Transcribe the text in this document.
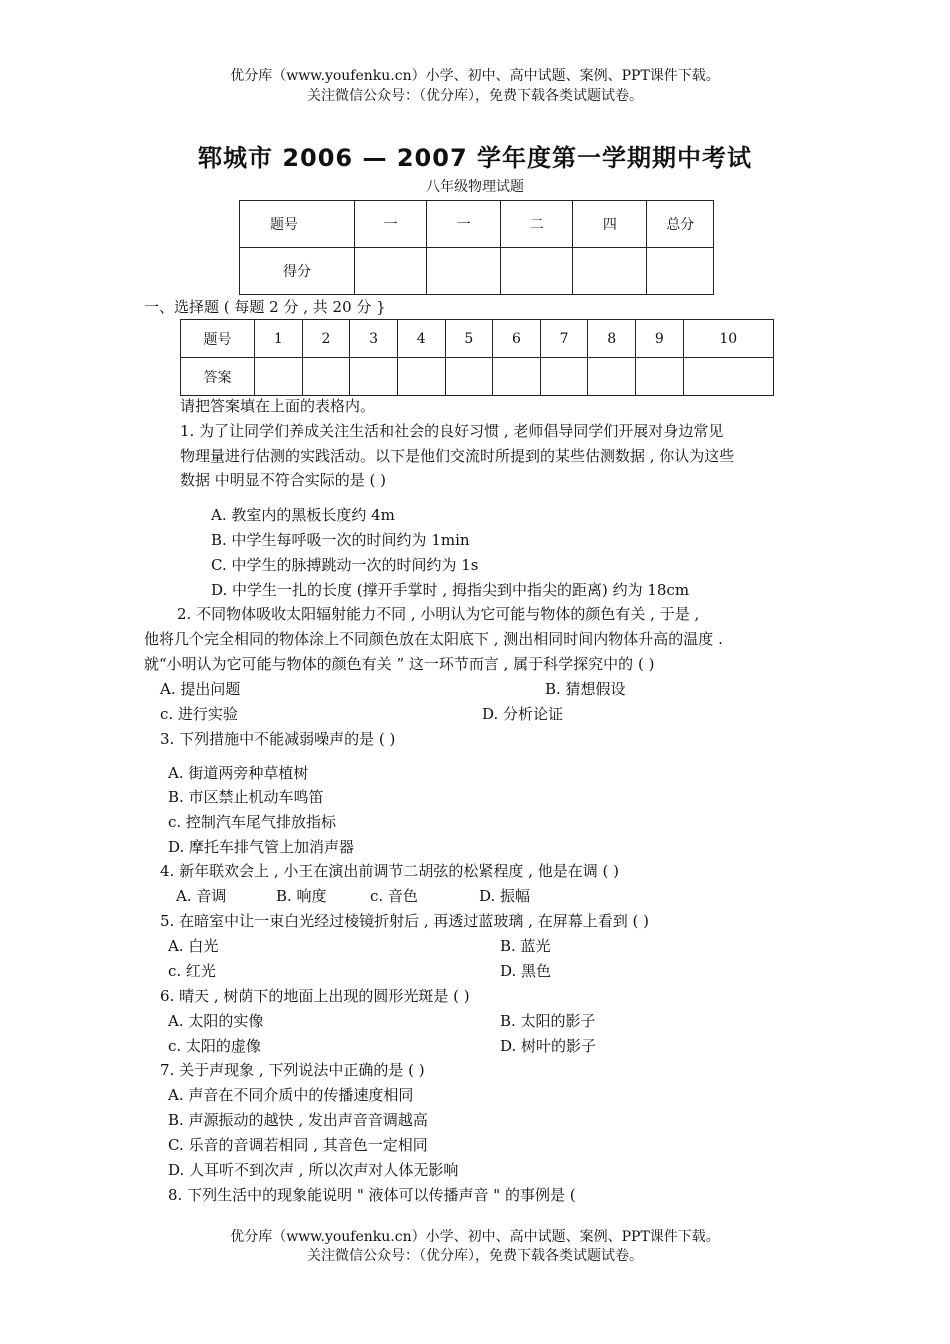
优分库（www.youfenku.cn）小学、初中、高中试题、案例、PPT课件下载。
关注微信公众号：（优分库），免费下载各类试题试卷。
郓城市 2006 — 2007 学年度第一学期期中考试
八年级物理试题
题号	一	一	二	四	总分
得分					
一、选择题 ( 每题 2 分 , 共 20 分 }
题号	1	2	3	4	5	6	7	8	9	10
答案										
请把答案填在上面的表格内。
1. 为了让同学们养成关注生活和社会的良好习惯 , 老师倡导同学们开展对身边常见
物理量进行估测的实践活动。以下是他们交流时所提到的某些估测数据 , 你认为这些
数据 中明显不符合实际的是 ( )
A. 教室内的黑板长度约 4m
B. 中学生每呼吸一次的时间约为 1min
C. 中学生的脉搏跳动一次的时间约为 1s
D. 中学生一扎的长度 (撑开手掌时 , 拇指尖到中指尖的距离) 约为 18cm
2. 不同物体吸收太阳辐射能力不同 , 小明认为它可能与物体的颜色有关 , 于是 ,
他将几个完全相同的物体涂上不同颜色放在太阳底下 , 测出相同时间内物体升高的温度 .
就“小明认为它可能与物体的颜色有关 ” 这一环节而言 , 属于科学探究中的 ( )
A. 提出问题	B. 猜想假设
c. 进行实验	D. 分析论证
3. 下列措施中不能减弱噪声的是 ( )
A. 街道两旁种草植树
B. 市区禁止机动车鸣笛
c. 控制汽车尾气排放指标
D. 摩托车排气管上加消声器
4. 新年联欢会上 , 小王在演出前调节二胡弦的松紧程度 , 他是在调 ( )
A. 音调	B. 响度	c. 音色	D. 振幅
5. 在暗室中让一束白光经过棱镜折射后 , 再透过蓝玻璃 , 在屏幕上看到 ( )
A. 白光	B. 蓝光
c. 红光	D. 黑色
6. 晴天 , 树荫下的地面上出现的圆形光斑是 ( )
A. 太阳的实像	B. 太阳的影子
c. 太阳的虚像	D. 树叶的影子
7. 关于声现象 , 下列说法中正确的是 ( )
A. 声音在不同介质中的传播速度相同
B. 声源振动的越快 , 发出声音音调越高
C. 乐音的音调若相同 , 其音色一定相同
D. 人耳听不到次声 , 所以次声对人体无影响
8. 下列生活中的现象能说明 " 液体可以传播声音 " 的事例是 (
优分库（www.youfenku.cn）小学、初中、高中试题、案例、PPT课件下载。
关注微信公众号：（优分库），免费下载各类试题试卷。
